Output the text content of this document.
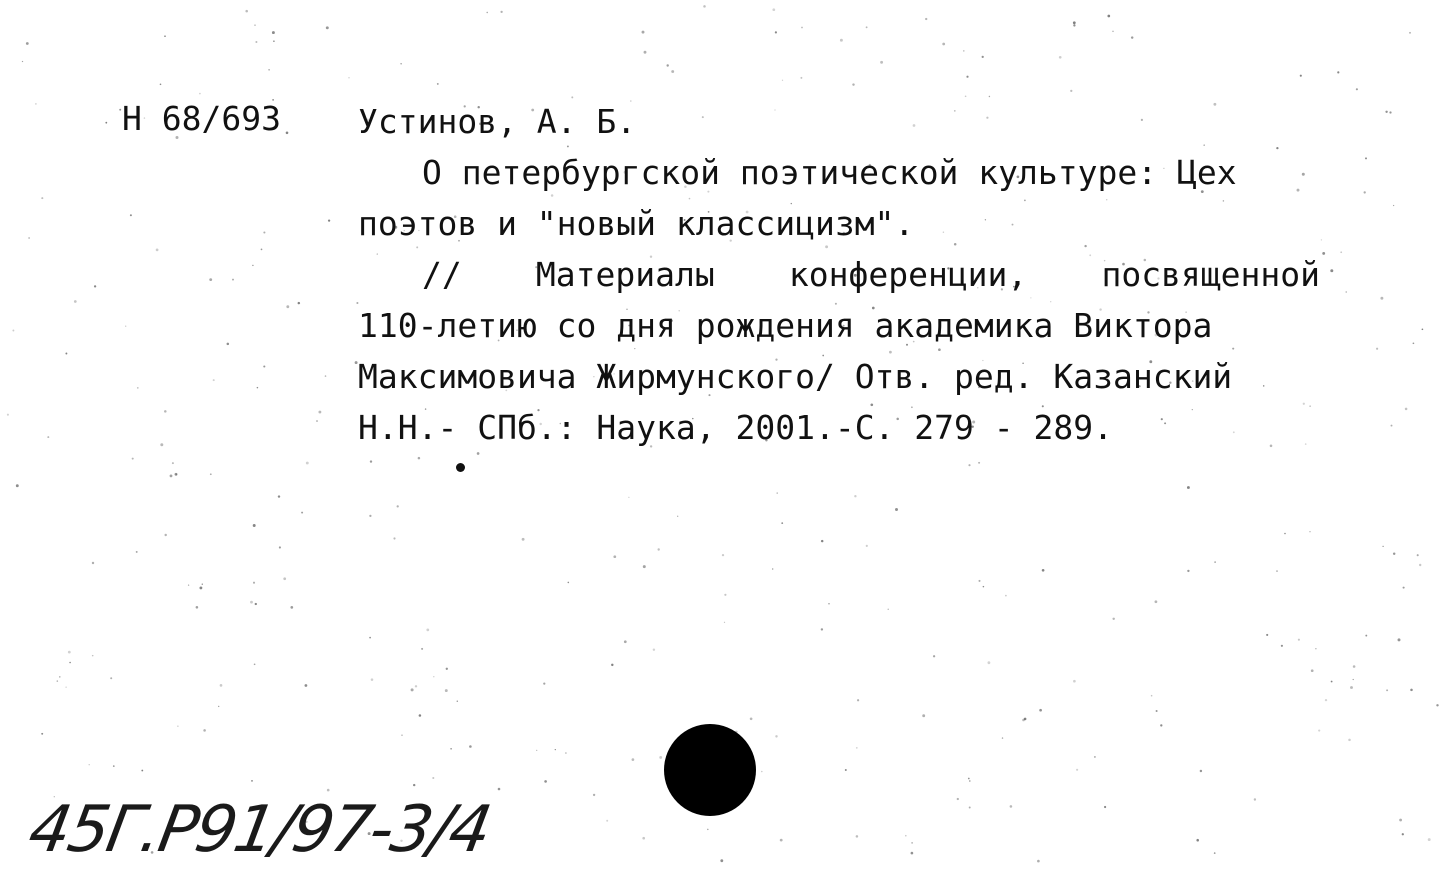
Н 68/693 Устинов, А. Б.
О петербургской поэтической культуре: Цех
поэтов и "новый классицизм".
// Материалы конференции, посвященной
110-летию со дня рождения академика Виктора
Максимовича Жирмунского/ Отв. ред. Казанский
Н.Н.- СПб.: Наука, 2001.-С. 279 - 289.
45Г.Р91/97-3/4
